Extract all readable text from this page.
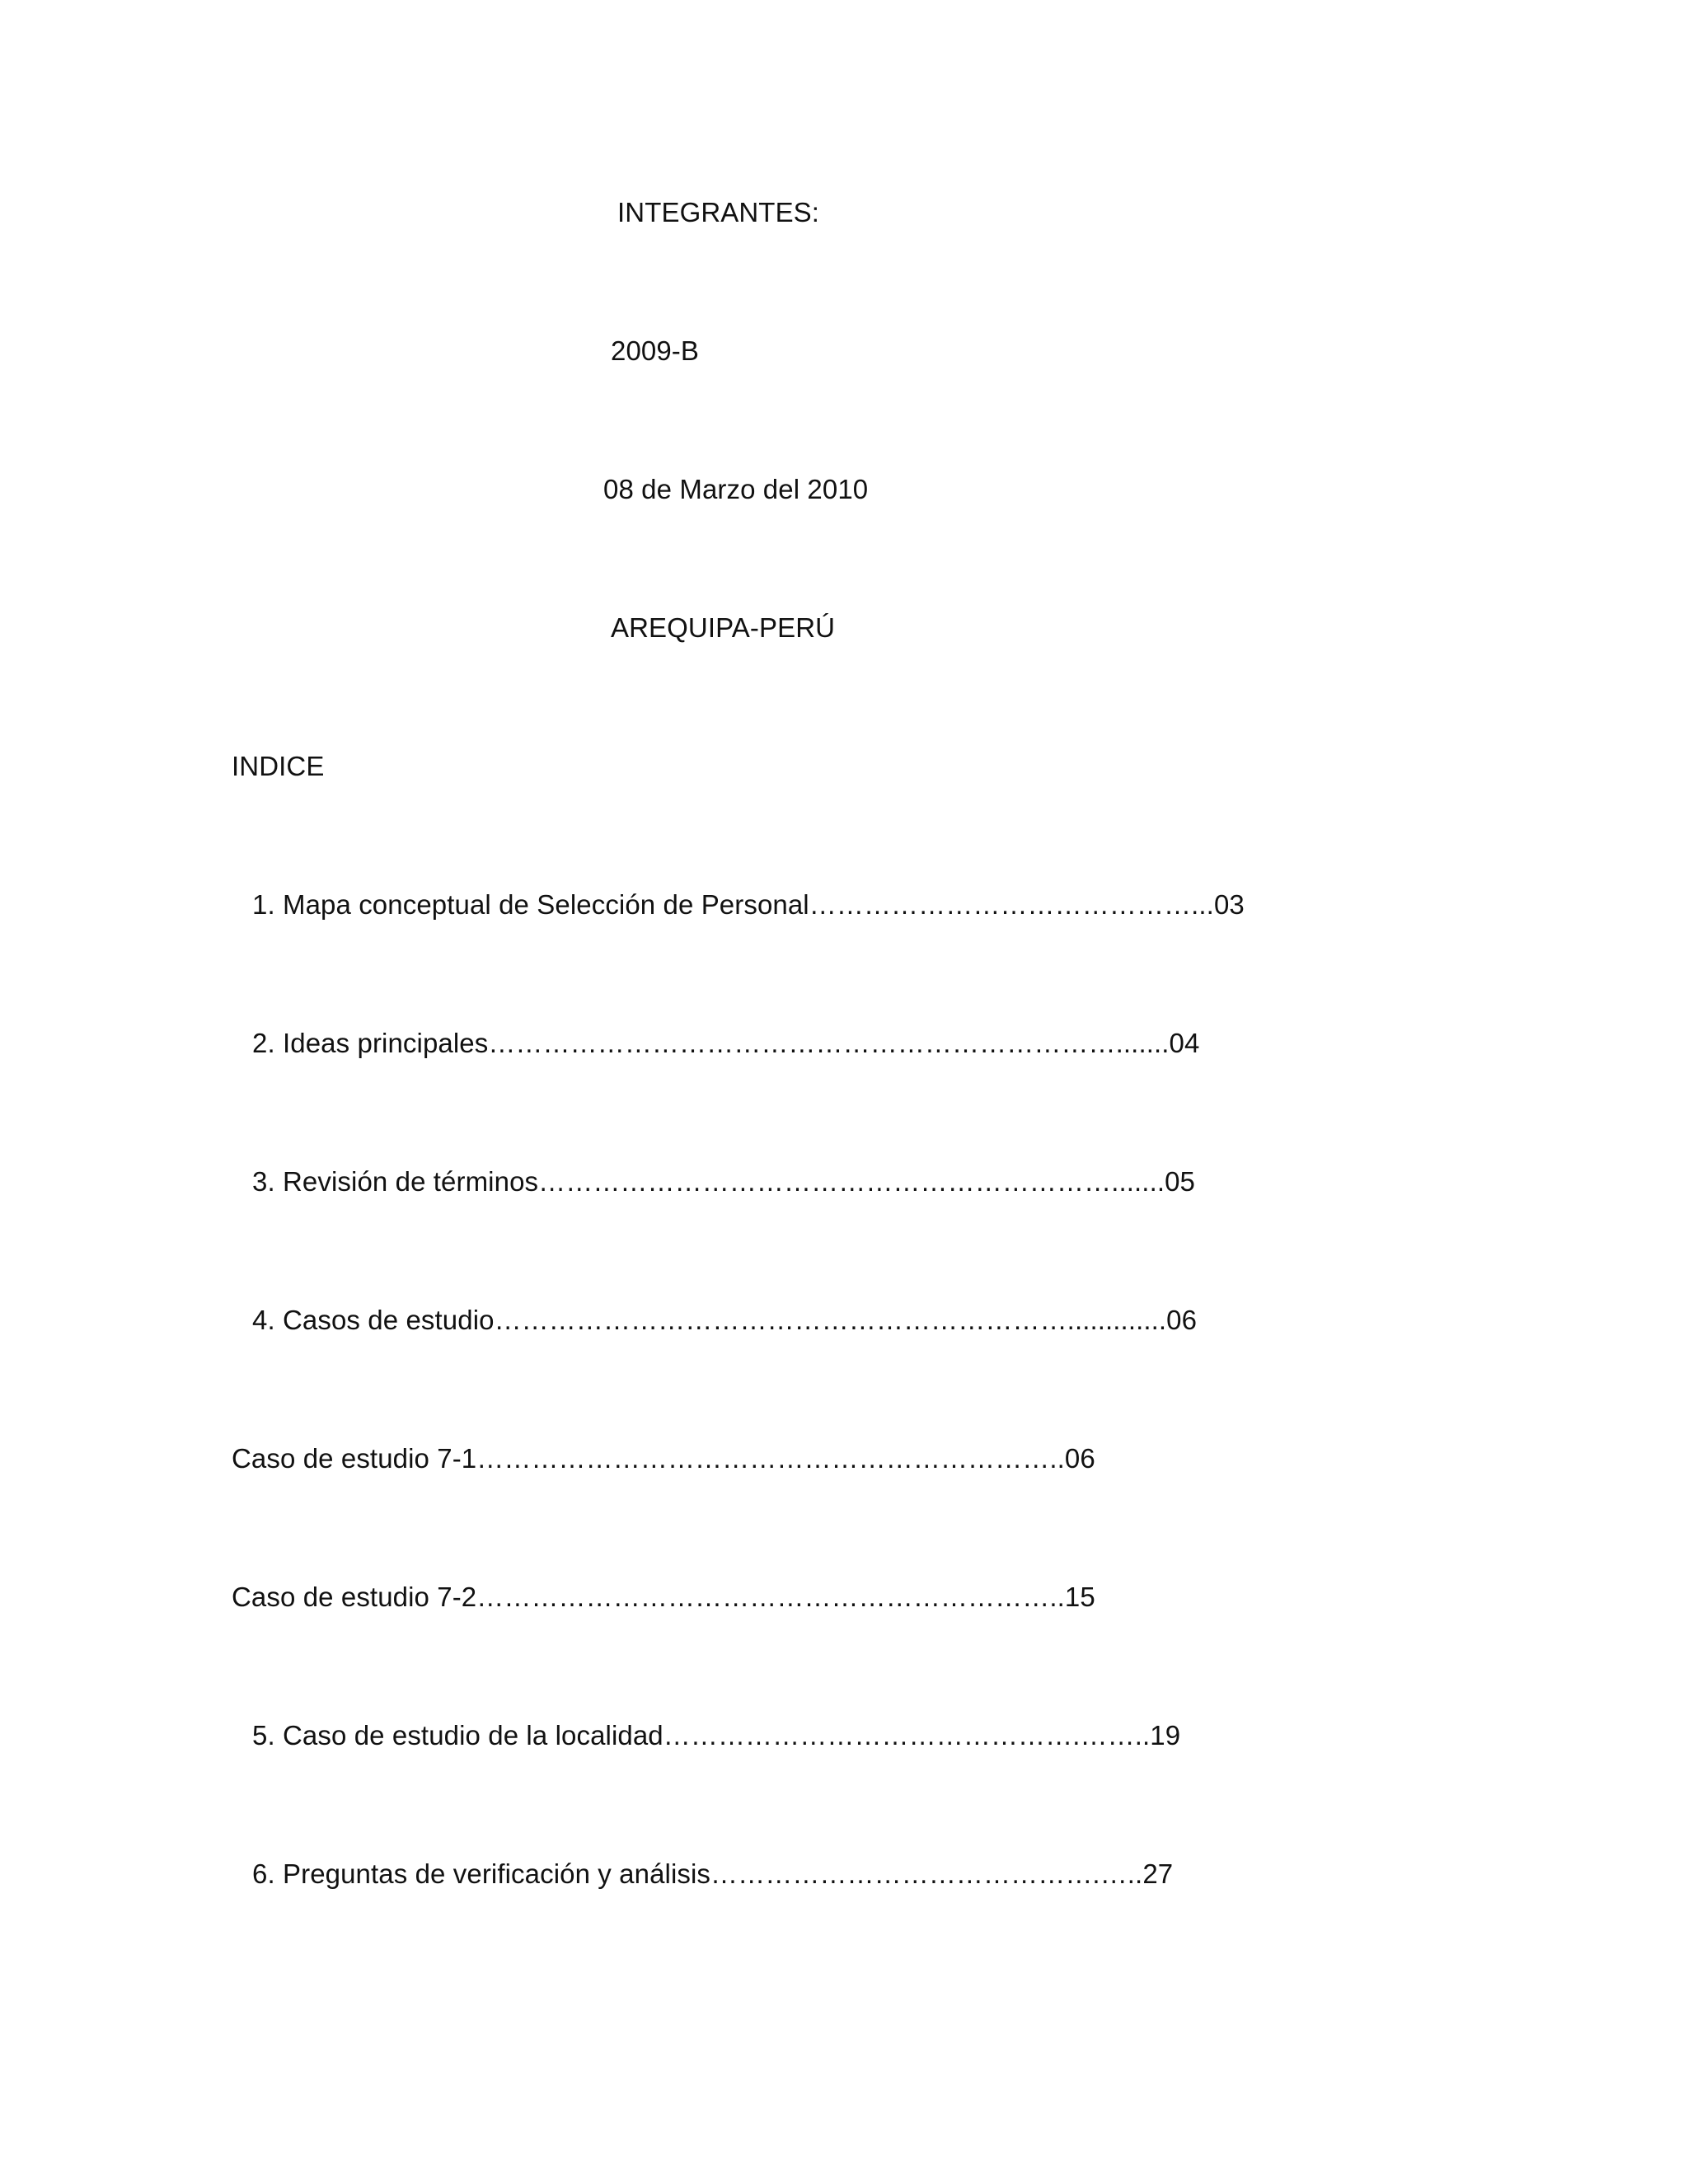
INTEGRANTES:
2009-B
08 de Marzo del 2010
AREQUIPA-PERÚ
INDICE
1. Mapa conceptual de Selección de Personal……………………………………...03
2. Ideas principales…………………………………………………………….......04
3. Revisión de términos……………………………………………………….......05
4. Casos de estudio……………………………………………………….............06
Caso de estudio 7-1………………………………………………………..06
Caso de estudio 7-2………………………………………………………..15
5. Caso de estudio de la localidad……………………………………….……..19
6. Preguntas de verificación y análisis…………………………………….…..27
